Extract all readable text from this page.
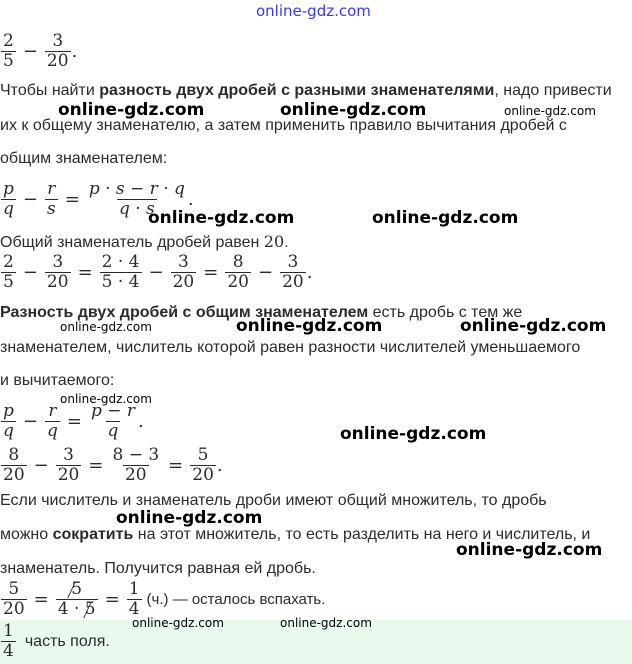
online-gdz.com
$\frac{2}{5} - \frac{3}{20}$ .
Чтобы найти разность двух дробей с разными знаменателями, надо привести
их к общему знаменателю, а затем применить правило вычитания дробей с
общим знаменателем:
$\frac{p}{q} - \frac{r}{s} = \frac{p \cdot s - r \cdot q}{q \cdot s}$ .
Общий знаменатель дробей равен 20.
$\frac{2}{5} - \frac{3}{20} = \frac{2 \cdot 4}{5 \cdot 4} - \frac{3}{20} = \frac{8}{20} - \frac{3}{20}$ .
Разность двух дробей с общим знаменателем есть дробь с тем же
знаменателем, числитель которой равен разности числителей уменьшаемого
и вычитаемого:
$\frac{p}{q} - \frac{r}{q} = \frac{p - r}{q}$ .
$\frac{8}{20} - \frac{3}{20} = \frac{8 - 3}{20} = \frac{5}{20}$ .
Если числитель и знаменатель дроби имеют общий множитель, то дробь
можно сократить на этот множитель, то есть разделить на него и числитель, и
знаменатель. Получится равная ей дробь.
$\frac{5}{20} = \frac{5}{4 \cdot 5} = \frac{1}{4} (ч.)$ — осталось вспахать.
$\frac{1}{4}$ часть поля.
online-gdz.com	online-gdz.com	online-gdz.com
online-gdz.com	online-gdz.com
online-gdz.com	online-gdz.com	online-gdz.com
online-gdz.com
online-gdz.com
online-gdz.com
online-gdz.com
online-gdz.com	online-gdz.com
